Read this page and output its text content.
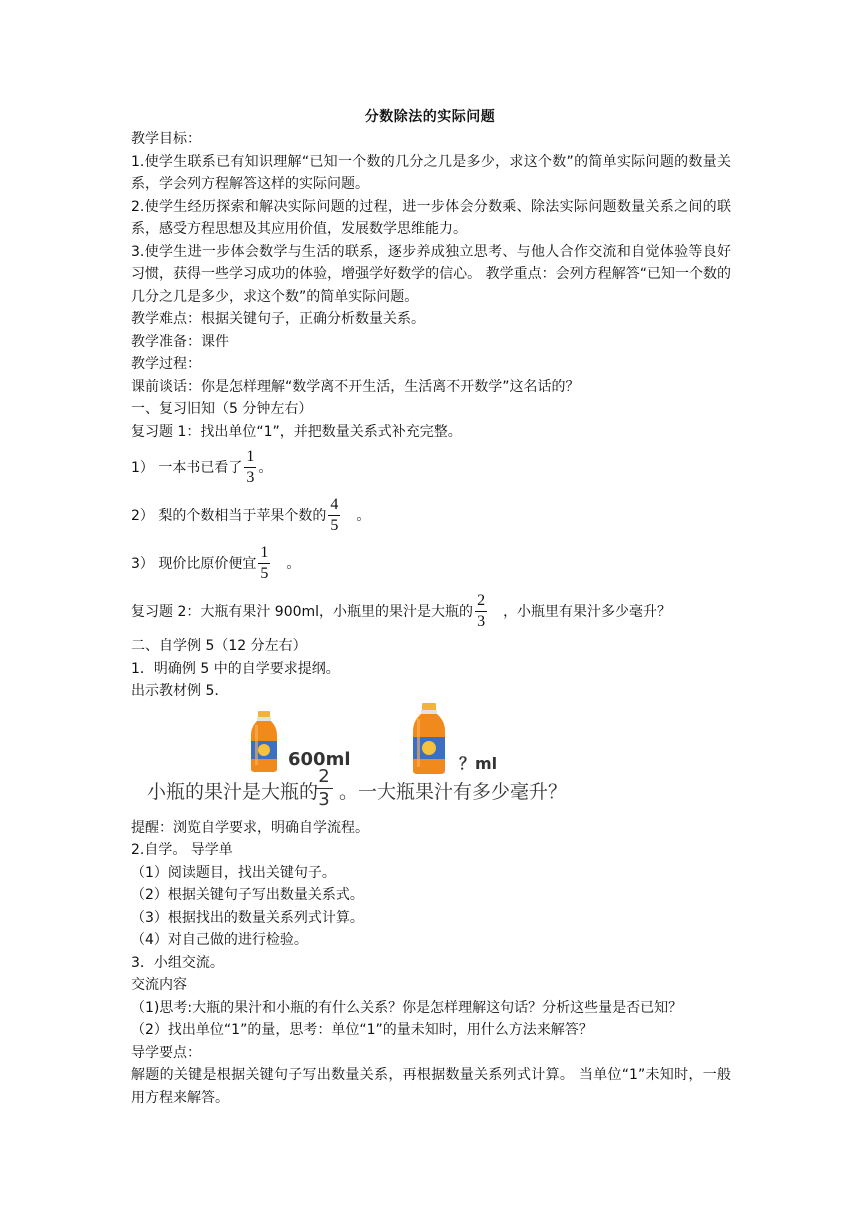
分数除法的实际问题
教学目标：
1.使学生联系已有知识理解“已知一个数的几分之几是多少，求这个数”的简单实际问题的数量关系，学会列方程解答这样的实际问题。
2.使学生经历探索和解决实际问题的过程，进一步体会分数乘、除法实际问题数量关系之间的联系，感受方程思想及其应用价值，发展数学思维能力。
3.使学生进一步体会数学与生活的联系，逐步养成独立思考、与他人合作交流和自觉体验等良好习惯，获得一些学习成功的体验，增强学好数学的信心。 教学重点：会列方程解答“已知一个数的几分之几是多少，求这个数”的简单实际问题。
教学难点：根据关键句子，正确分析数量关系。
教学准备：课件
教学过程：
课前谈话：你是怎样理解“数学离不开生活，生活离不开数学”这名话的？
一、复习旧知（5 分钟左右）
复习题 1：找出单位“1”，并把数量关系式补充完整。
1） 一本书已看了 $\frac{1}{3}$ 。
2） 梨的个数相当于苹果个数的 $\frac{4}{5}$ 。
3） 现价比原价便宜 $\frac{1}{5}$ 。
复习题 2：大瓶有果汁 900ml，小瓶里的果汁是大瓶的 $\frac{2}{3}$ ，小瓶里有果汁多少毫升？
二、自学例 5（12 分左右）
1．明确例 5 中的自学要求提纲。
出示教材例 5.
600ml	？ml
小瓶的果汁是大瓶的
2
3 。一大瓶果汁有多少毫升？
提醒：浏览自学要求，明确自学流程。
2.自学。 导学单
（1）阅读题目，找出关键句子。
（2）根据关键句子写出数量关系式。
（3）根据找出的数量关系列式计算。
（4）对自己做的进行检验。
3．小组交流。
交流内容
（1)思考:大瓶的果汁和小瓶的有什么关系？你是怎样理解这句话？分析这些量是否已知？
（2）找出单位“1”的量，思考：单位“1”的量未知时，用什么方法来解答？
导学要点：
解题的关键是根据关键句子写出数量关系，再根据数量关系列式计算。 当单位“1”未知时，一般用方程来解答。
